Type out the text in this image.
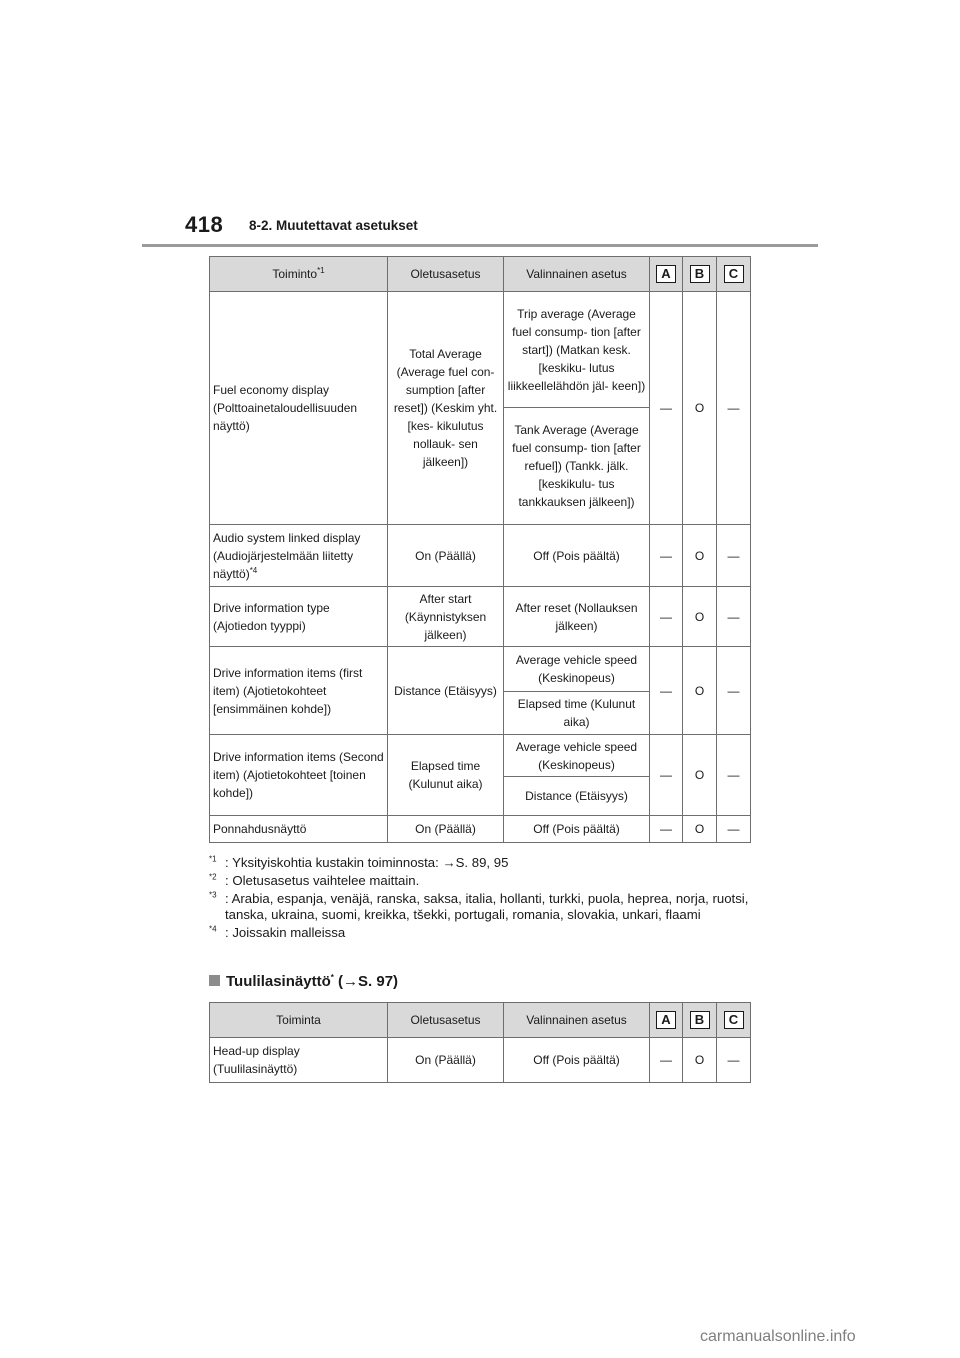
418 8-2. Muutettavat asetukset
Toiminto$^{*1}$	Oletusasetus	Valinnainen asetus	A	B	C
Fuel economy display (Polttoainetaloudellisuuden näyttö)	Total Average (Average fuel con- sumption [after reset]) (Keskim yht. [kes- kikulutus nollauk- sen jälkeen])	Trip average (Average fuel consump- tion [after start]) (Matkan kesk. [keskiku- lutus liikkeellelähdön jäl- keen])	—	O	—
		Tank Average (Average fuel consump- tion [after refuel]) (Tankk. jälk. [keskikulu- tus tankkauksen jälkeen])			
Audio system linked display (Audiojärjestelmään liitetty näyttö)$^{*4}$	On (Päällä)	Off (Pois päältä)	—	O	—
Drive information type (Ajotiedon tyyppi)	After start (Käynnistyksen jälkeen)	After reset (Nollauksen jälkeen)	—	O	—
Drive information items (first item) (Ajotietokohteet [ensimmäinen kohde])	Distance (Etäisyys)	Average vehicle speed (Keskinopeus)	—	O	—
		Elapsed time (Kulunut aika)			
Drive information items (Second item) (Ajotietokohteet [toinen kohde])	Elapsed time (Kulunut aika)	Average vehicle speed (Keskinopeus)	—	O	—
		Distance (Etäisyys)			
Ponnahdusnäyttö	On (Päällä)	Off (Pois päältä)	—	O	—
$^{*1}$ : Yksityiskohtia kustakin toiminnosta: →S. 89, 95
$^{*2}$ : Oletusasetus vaihtelee maittain.
$^{*3}$ : Arabia, espanja, venäjä, ranska, saksa, italia, hollanti, turkki, puola, heprea, norja, ruotsi, tanska, ukraina, suomi, kreikka, tšekki, portugali, romania, slovakia, unkari, flaami
$^{*4}$ : Joissakin malleissa
Tuulilasinäyttö* (→S. 97)
Toiminta	Oletusasetus	Valinnainen asetus	A	B	C
Head-up display (Tuulilasinäyttö)	On (Päällä)	Off (Pois päältä)	—	O	—
carmanualsonline.info
